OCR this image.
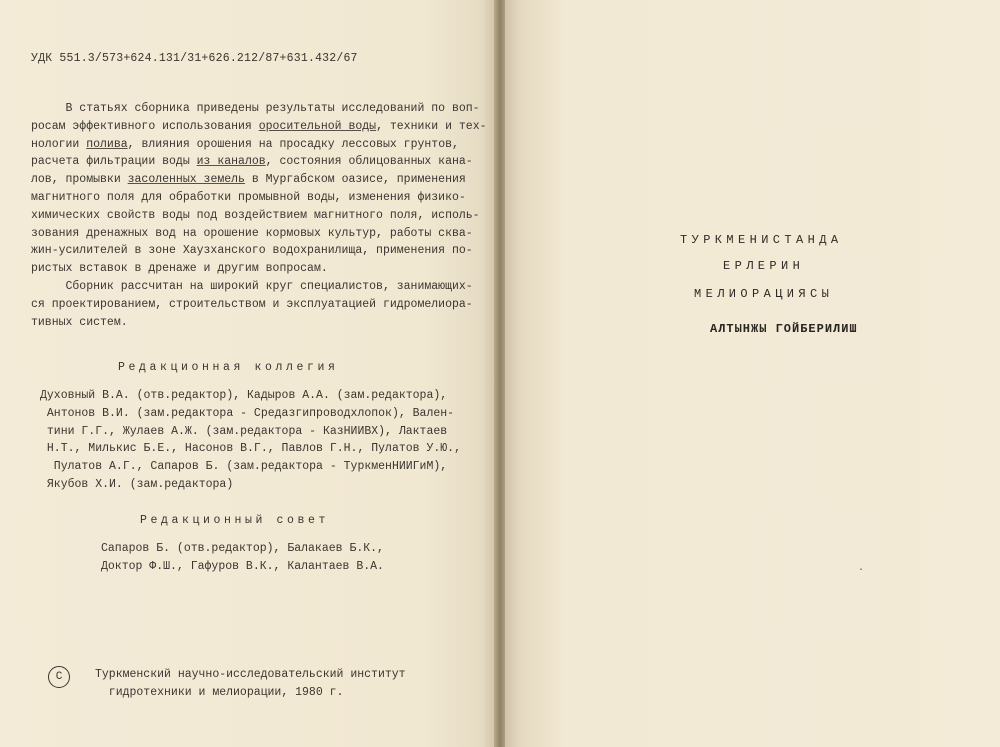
УДК 551.3/573+624.131/31+626.212/87+631.432/67

В статьях сборника приведены результаты исследований по воп-

росам эффективного использования оросительной воды, техники и тех-

нологии полива, влияния орошения на просадку лессовых грунтов,

расчета фильтрации воды из каналов, состояния облицованных кана-

лов, промывки засоленных земель в Мургабском оазисе, применения

магнитного поля для обработки промывной воды, изменения физико-

химических свойств воды под воздействием магнитного поля, исполь-

зования дренажных вод на орошение кормовых культур, работы сква-

жин-усилителей в зоне Хаузханского водохранилища, применения по-

ристых вставок в дренаже и другим вопросам.

Сборник рассчитан на широкий круг специалистов, занимающих-

ся проектированием, строительством и эксплуатацией гидромелиора-

тивных систем.

Редакционная коллегия

Духовный В.А. (отв.редактор), Кадыров А.А. (зам.редактора),

Антонов В.И. (зам.редактора - Средазгипроводхлопок), Вален-

тини Г.Г., Жулаев А.Ж. (зам.редактора - КазНИИВХ), Лактаев

Н.Т., Милькис Б.Е., Насонов В.Г., Павлов Г.Н., Пулатов У.Ю.,

Пулатов А.Г., Сапаров Б. (зам.редактора - ТуркменНИИГиМ),

Якубов Х.И. (зам.редактора)

Редакционный совет

Сапаров Б. (отв.редактор), Балакаев Б.К.,

Доктор Ф.Ш., Гафуров В.К., Калантаев В.А.

C	Туркменский научно-исследовательский институт

гидротехники и мелиорации, 1980 г.

ТУРКМЕНИСТАНДА
ЕРЛЕРИН
МЕЛИОРАЦИЯСЫ
АЛТЫНЖЫ ГОЙБЕРИЛИШ
·
